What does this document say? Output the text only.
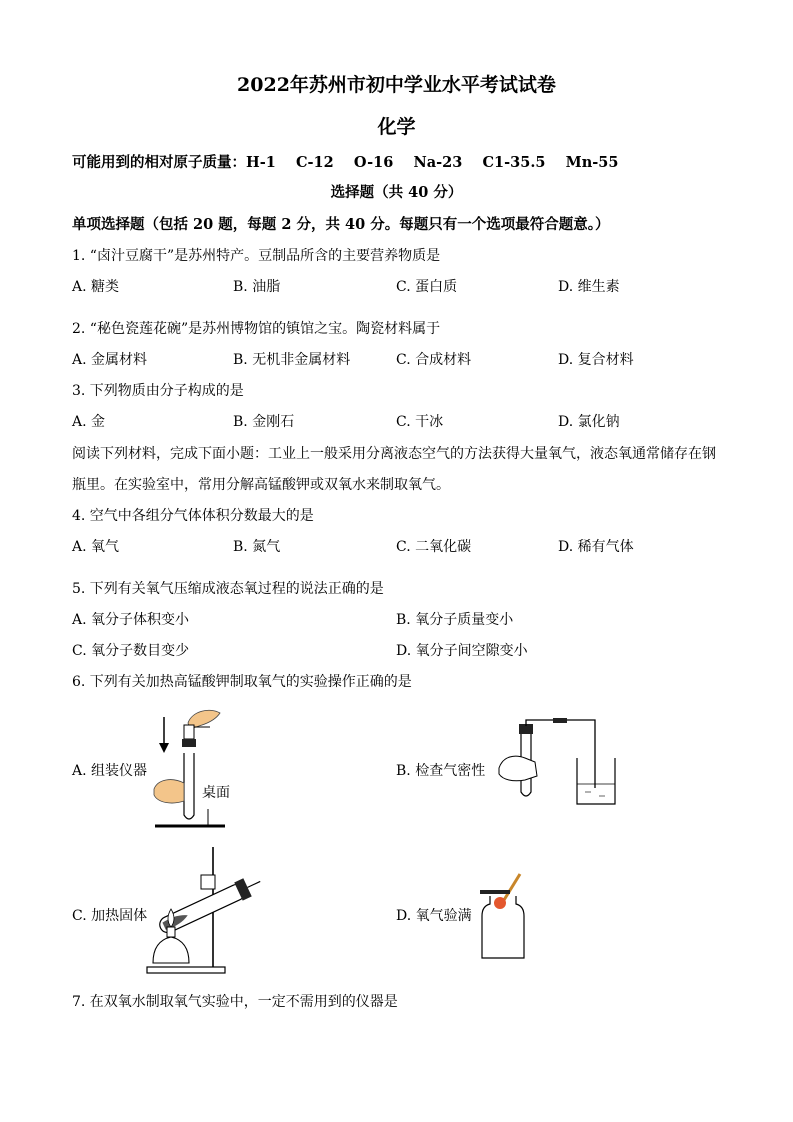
2022年苏州市初中学业水平考试试卷
化学
可能用到的相对原子质量：H-1    C-12    O-16    Na-23    C1-35.5    Mn-55
选择题（共 40 分）
单项选择题（包括 20 题，每题 2 分，共 40 分。每题只有一个选项最符合题意。）
1. “卤汁豆腐干”是苏州特产。豆制品所含的主要营养物质是
A. 糖类	B. 油脂	C. 蛋白质	D. 维生素
2. “秘色瓷莲花碗”是苏州博物馆的镇馆之宝。陶瓷材料属于
A. 金属材料	B. 无机非金属材料	C. 合成材料	D. 复合材料
3. 下列物质由分子构成的是
A. 金	B. 金刚石	C. 干冰	D. 氯化钠
阅读下列材料，完成下面小题：工业上一般采用分离液态空气的方法获得大量氧气，液态氧通常储存在钢
瓶里。在实验室中，常用分解高锰酸钾或双氧水来制取氧气。
4. 空气中各组分气体体积分数最大的是
A. 氧气	B. 氮气	C. 二氧化碳	D. 稀有气体
5. 下列有关氧气压缩成液态氧过程的说法正确的是
A. 氧分子体积变小	B. 氧分子质量变小
C. 氧分子数目变少	D. 氧分子间空隙变小
6. 下列有关加热高锰酸钾制取氧气的实验操作正确的是
A. 组装仪器	B. 检查气密性
C. 加热固体	D. 氧气验满
桌面
7. 在双氧水制取氧气实验中，一定不需用到的仪器是
